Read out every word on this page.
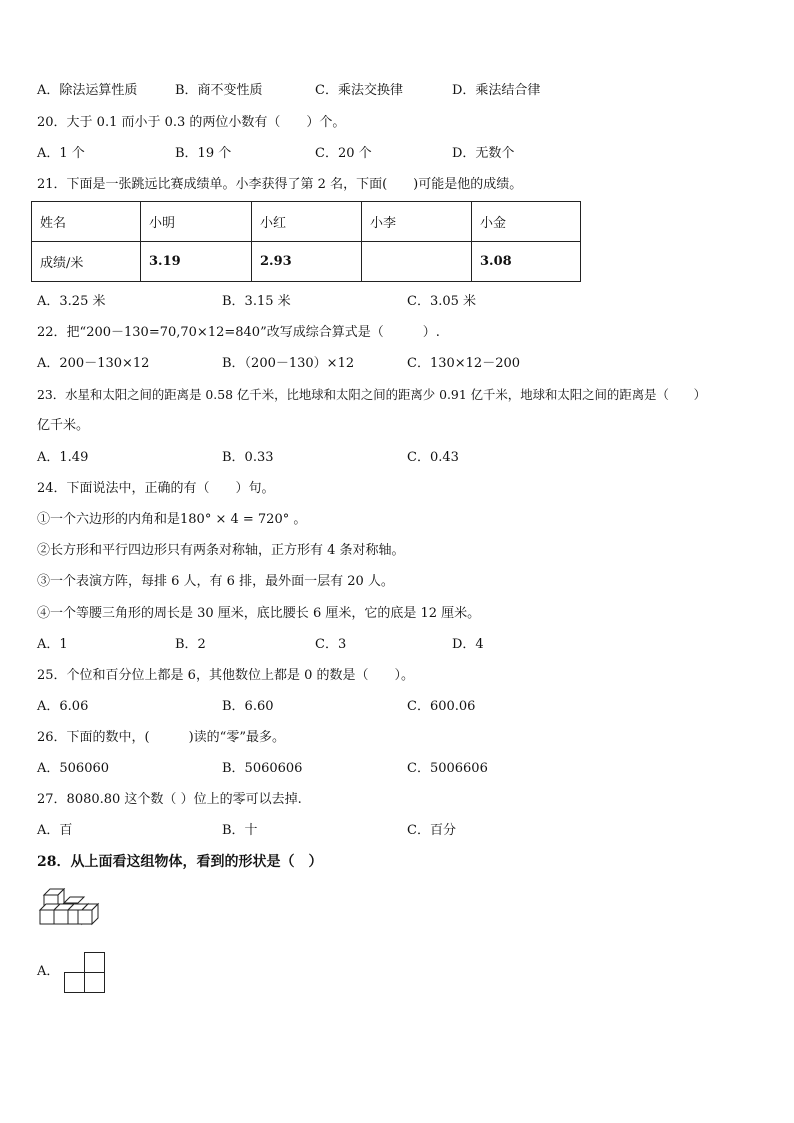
A．除法运算性质	B．商不变性质	C．乘法交换律	D．乘法结合律
20．大于 0.1 而小于 0.3 的两位小数有（　　）个。
A．1 个	B．19 个	C．20 个	D．无数个
21．下面是一张跳远比赛成绩单。小李获得了第 2 名，下面(　　)可能是他的成绩。
姓名	小明	小红	小李	小金
成绩/米	3.19	2.93		3.08
A．3.25 米	B．3.15 米	C．3.05 米
22．把“200－130=70,70×12=840”改写成综合算式是（　　　）.
A．200－130×12	B．（200－130）×12	C．130×12－200
23．水星和太阳之间的距离是 0.58 亿千米，比地球和太阳之间的距离少 0.91 亿千米，地球和太阳之间的距离是（　　）
亿千米。
A．1.49	B．0.33	C．0.43
24．下面说法中，正确的有（　　）句。
①一个六边形的内角和是180° × 4 = 720° 。
②长方形和平行四边形只有两条对称轴，正方形有 4 条对称轴。
③一个表演方阵，每排 6 人，有 6 排，最外面一层有 20 人。
④一个等腰三角形的周长是 30 厘米，底比腰长 6 厘米，它的底是 12 厘米。
A．1	B．2	C．3	D．4
25．个位和百分位上都是 6，其他数位上都是 0 的数是（　　）。
A．6.06	B．6.60	C．600.06
26．下面的数中，(　　　)读的“零”最多。
A．506060	B．5060606	C．5006606
27．8080.80 这个数（ ）位上的零可以去掉.
A．百	B．十	C．百分
28．从上面看这组物体，看到的形状是（　）
A．
